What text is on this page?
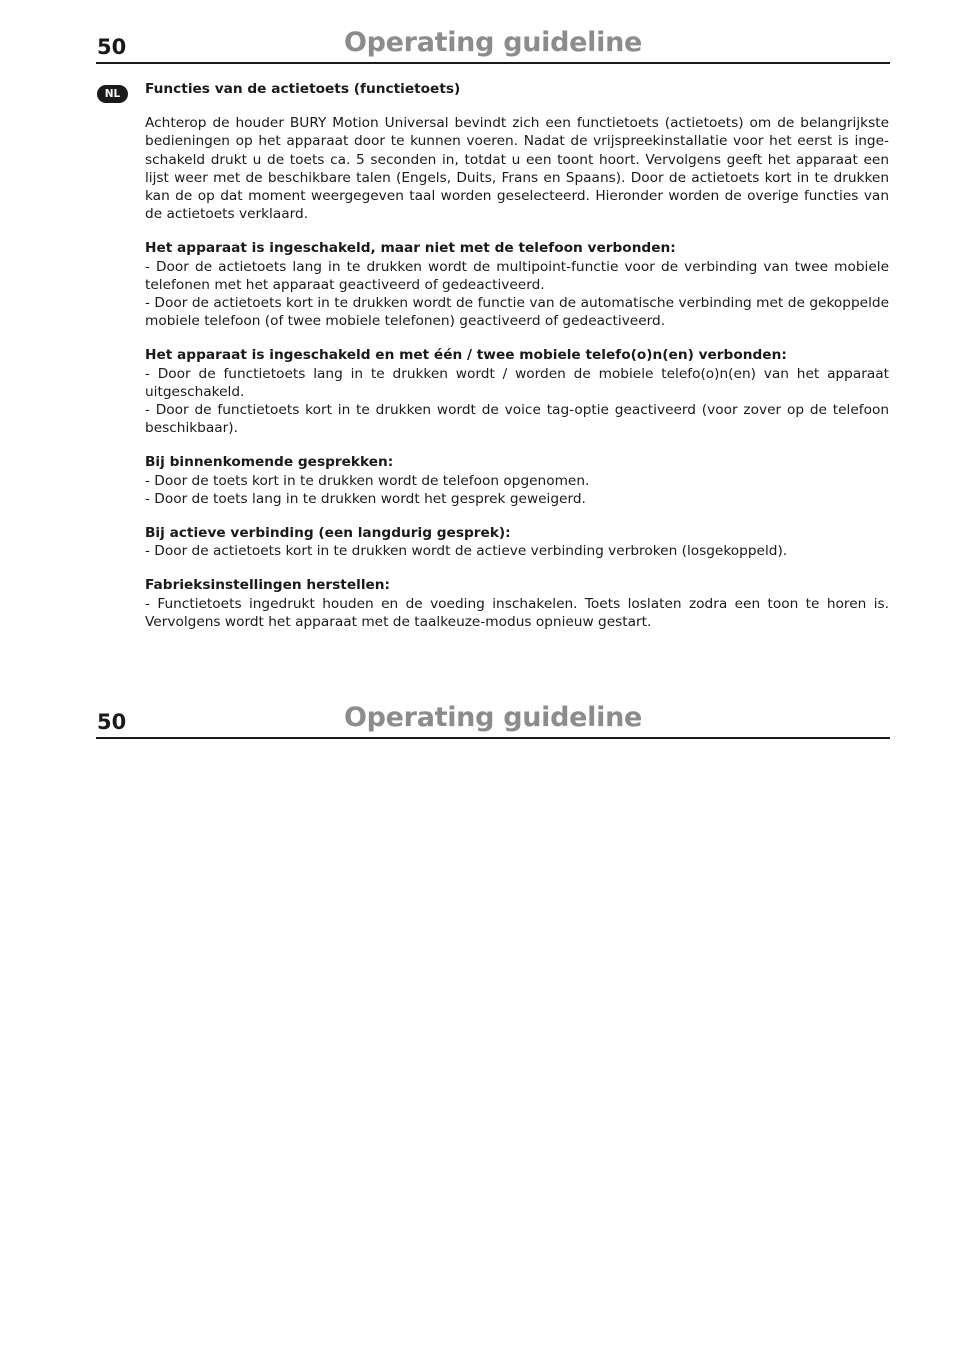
50	Operating guideline
NL	Functies van de actietoets (functietoets)

Achterop de houder BURY Motion Universal bevindt zich een functietoets (actietoets) om de belangrijkste bedieningen op het apparaat door te kunnen voeren. Nadat de vrijspreekinstallatie voor het eerst is ingeschakeld drukt u de toets ca. 5 seconden in, totdat u een toont hoort. Vervolgens geeft het apparaat een lijst weer met de beschikbare talen (Engels, Duits, Frans en Spaans). Door de actietoets kort in te drukken kan de op dat moment weergegeven taal worden geselecteerd. Hieronder worden de overige functies van de actietoets verklaard.

Het apparaat is ingeschakeld, maar niet met de telefoon verbonden:

- Door de actietoets lang in te drukken wordt de multipoint-functie voor de verbinding van twee mobiele telefonen met het apparaat geactiveerd of gedeactiveerd.

- Door de actietoets kort in te drukken wordt de functie van de automatische verbinding met de gekoppelde mobiele telefoon (of twee mobiele telefonen) geactiveerd of gedeactiveerd.

Het apparaat is ingeschakeld en met één / twee mobiele telefo(o)n(en) verbonden:

- Door de functietoets lang in te drukken wordt / worden de mobiele telefo(o)n(en) van het apparaat uitgeschakeld.

- Door de functietoets kort in te drukken wordt de voice tag-optie geactiveerd (voor zover op de telefoon beschikbaar).

Bij binnenkomende gesprekken:

- Door de toets kort in te drukken wordt de telefoon opgenomen.

- Door de toets lang in te drukken wordt het gesprek geweigerd.

Bij actieve verbinding (een langdurig gesprek):

- Door de actietoets kort in te drukken wordt de actieve verbinding verbroken (losgekoppeld).

Fabrieksinstellingen herstellen:

- Functietoets ingedrukt houden en de voeding inschakelen. Toets loslaten zodra een toon te horen is. Vervolgens wordt het apparaat met de taalkeuze-modus opnieuw gestart.

50	Operating guideline
